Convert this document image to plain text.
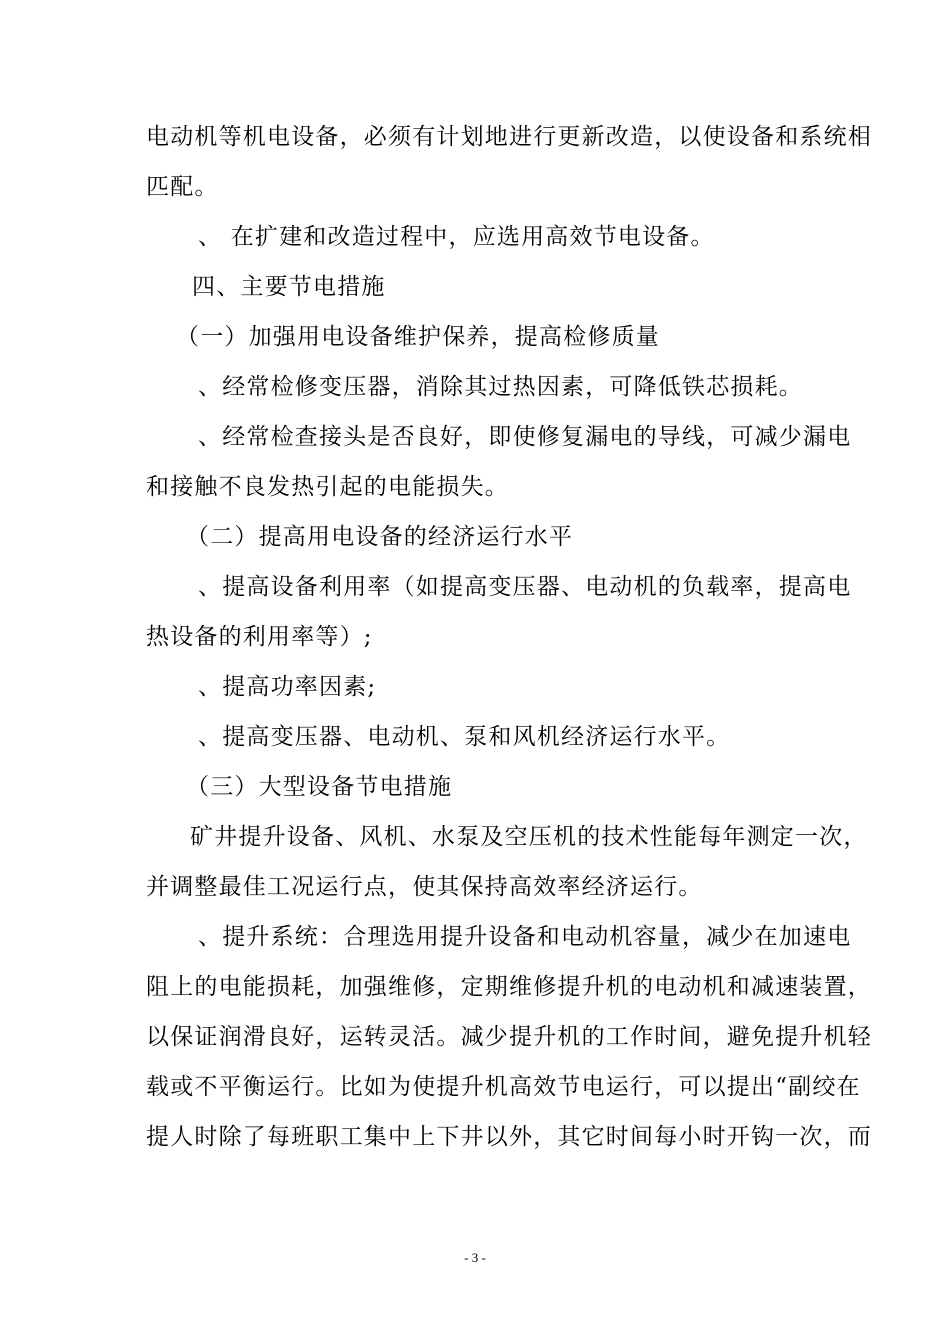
电动机等机电设备，必须有计划地进行更新改造，以使设备和系统相
匹配。
、 在扩建和改造过程中，应选用高效节电设备。
四、主要节电措施
（一）加强用电设备维护保养，提高检修质量
、经常检修变压器，消除其过热因素，可降低铁芯损耗。
、经常检查接头是否良好，即使修复漏电的导线，可减少漏电
和接触不良发热引起的电能损失。
（二）提高用电设备的经济运行水平
、提高设备利用率（如提高变压器、电动机的负载率，提高电
热设备的利用率等）;
、提高功率因素;
、提高变压器、电动机、泵和风机经济运行水平。
（三）大型设备节电措施
矿井提升设备、风机、水泵及空压机的技术性能每年测定一次，
并调整最佳工况运行点，使其保持高效率经济运行。
、提升系统：合理选用提升设备和电动机容量，减少在加速电
阻上的电能损耗，加强维修，定期维修提升机的电动机和减速装置，
以保证润滑良好，运转灵活。减少提升机的工作时间，避免提升机轻
载或不平衡运行。比如为使提升机高效节电运行，可以提出“副绞在
提人时除了每班职工集中上下井以外，其它时间每小时开钩一次，而
- 3 -
